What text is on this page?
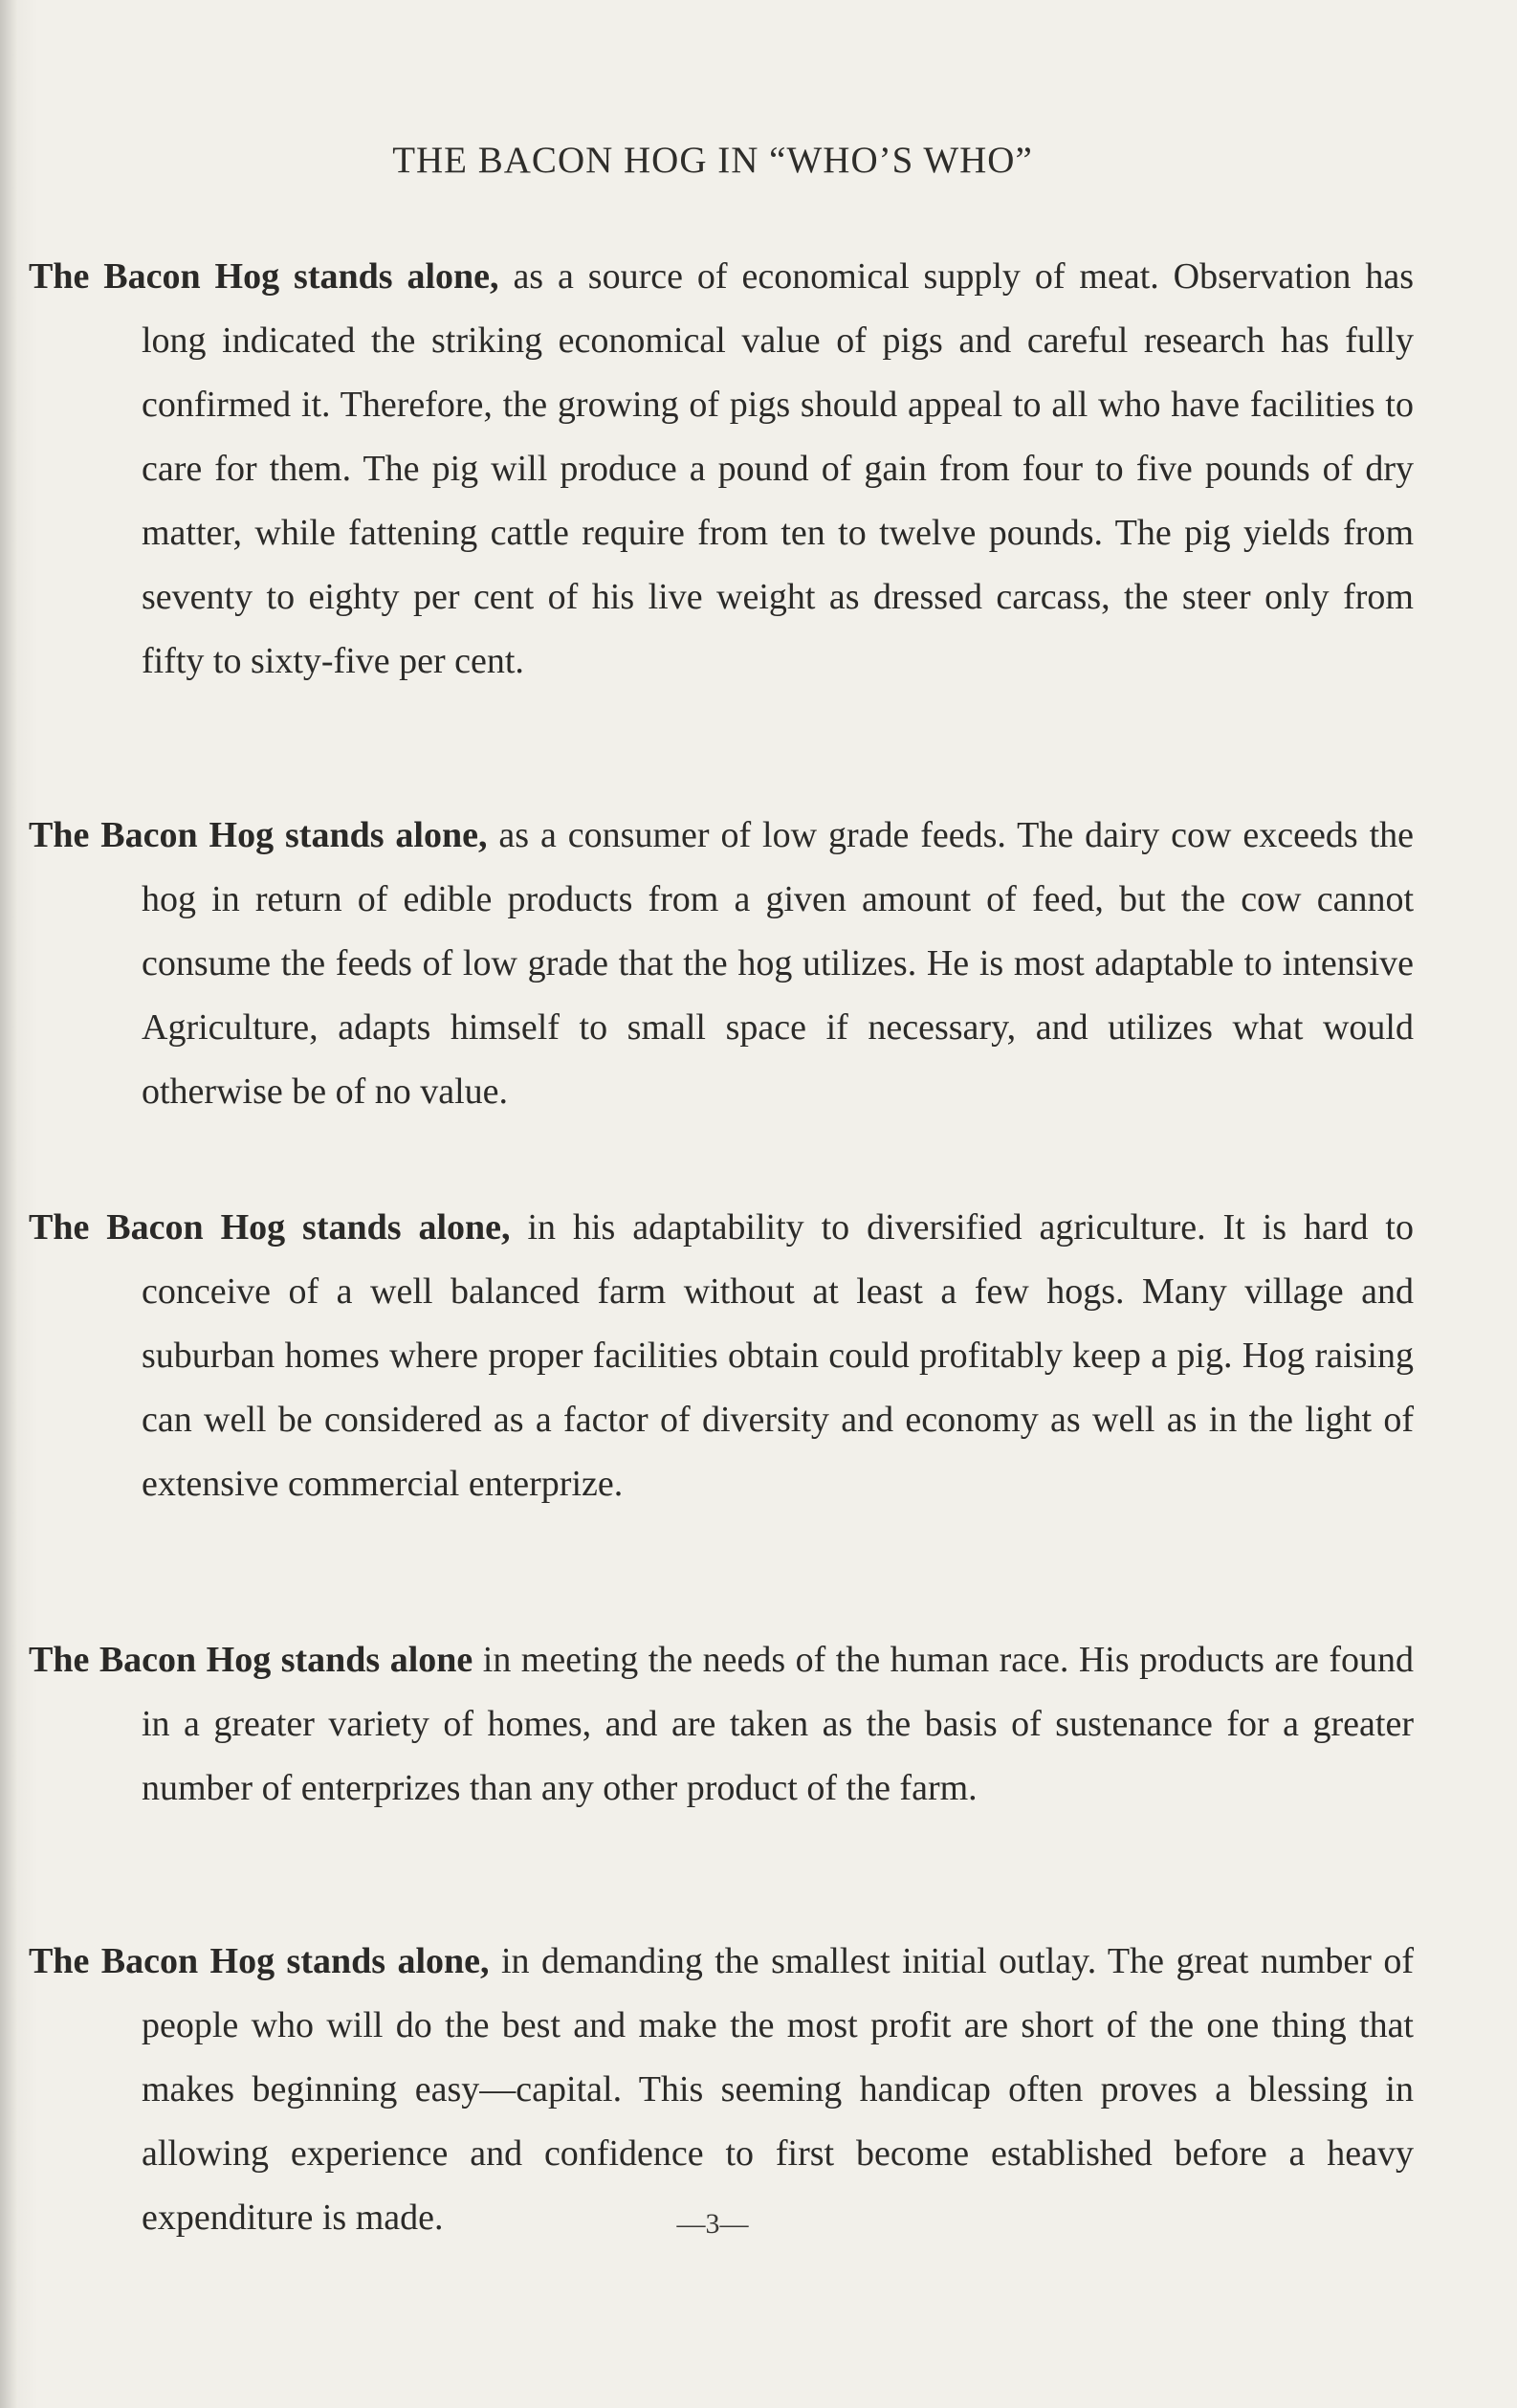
THE BACON HOG IN “WHO’S WHO”

The Bacon Hog stands alone, as a source of economical supply of meat. Observation has long indicated the striking economical value of pigs and careful research has fully confirmed it. Therefore, the growing of pigs should appeal to all who have facilities to care for them. The pig will produce a pound of gain from four to five pounds of dry matter, while fattening cattle require from ten to twelve pounds. The pig yields from seventy to eighty per cent of his live weight as dressed carcass, the steer only from fifty to sixty-five per cent.

The Bacon Hog stands alone, as a consumer of low grade feeds. The dairy cow exceeds the hog in return of edible products from a given amount of feed, but the cow cannot consume the feeds of low grade that the hog utilizes. He is most adaptable to intensive Agriculture, adapts himself to small space if necessary, and utilizes what would otherwise be of no value.

The Bacon Hog stands alone, in his adaptability to diversified agriculture. It is hard to conceive of a well balanced farm without at least a few hogs. Many village and suburban homes where proper facilities obtain could profitably keep a pig. Hog raising can well be considered as a factor of diversity and economy as well as in the light of extensive commercial enterprize.

The Bacon Hog stands alone in meeting the needs of the human race. His products are found in a greater variety of homes, and are taken as the basis of sustenance for a greater number of enterprizes than any other product of the farm.

The Bacon Hog stands alone, in demanding the smallest initial outlay. The great number of people who will do the best and make the most profit are short of the one thing that makes beginning easy—capital. This seeming handicap often proves a blessing in allowing experience and confidence to first become established before a heavy expenditure is made.	—3—
